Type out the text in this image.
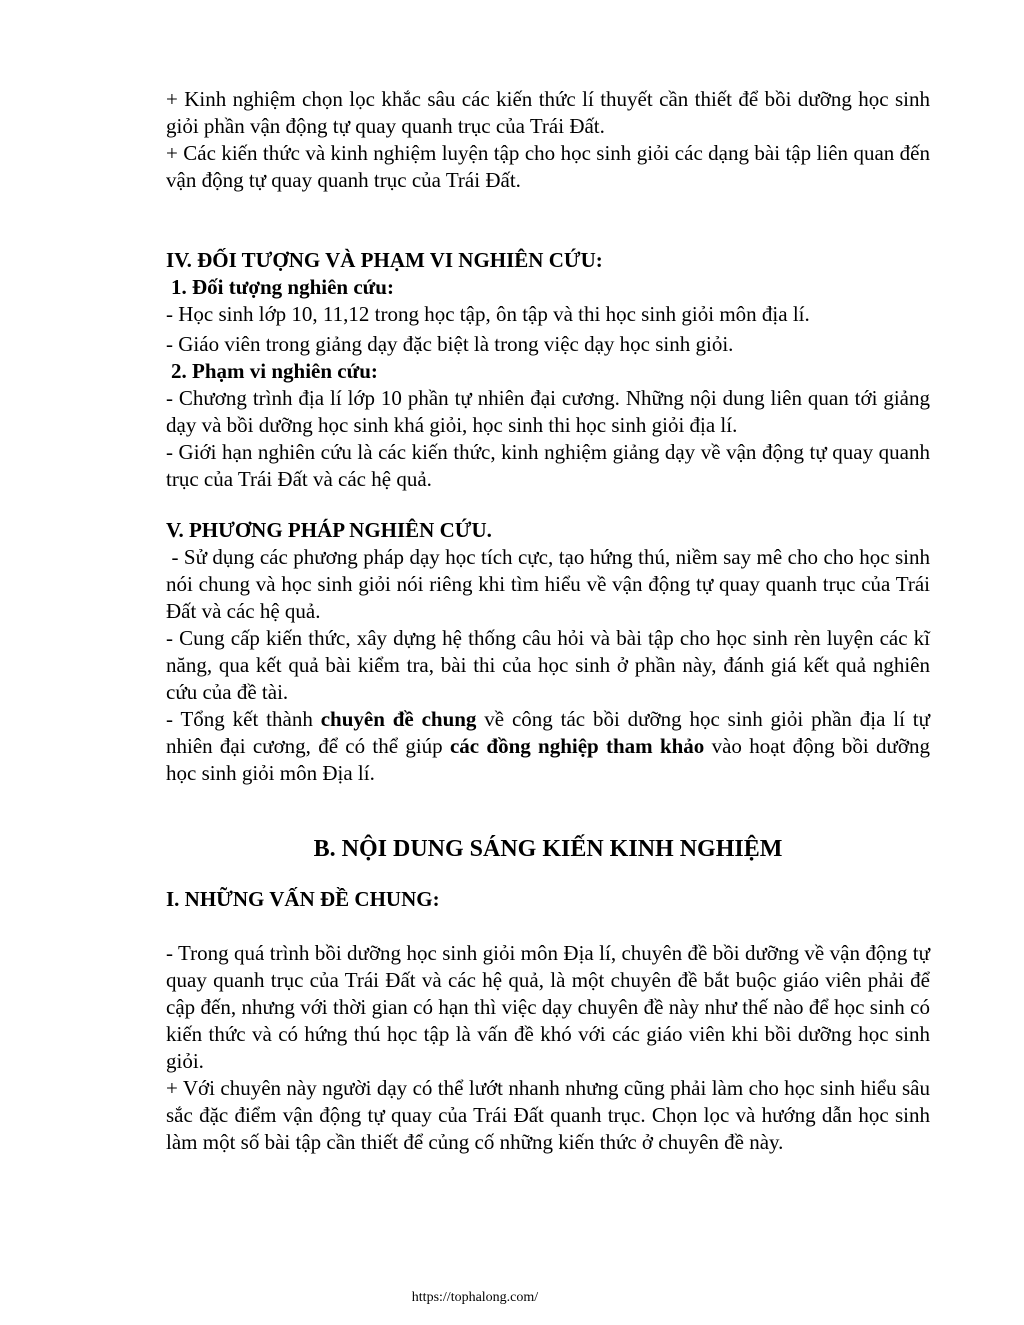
+ Kinh nghiệm chọn lọc khắc sâu các kiến thức lí thuyết cần thiết để bồi dưỡng học sinh giỏi phần vận động tự quay quanh trục của Trái Đất.

+ Các kiến thức và kinh nghiệm luyện tập cho học sinh giỏi các dạng bài tập liên quan đến vận động tự quay quanh trục của Trái Đất.

IV. ĐỐI TƯỢNG VÀ PHẠM VI NGHIÊN CỨU:
1. Đối tượng nghiên cứu:

- Học sinh lớp 10, 11,12 trong học tập, ôn tập và thi học sinh giỏi môn địa lí.

- Giáo viên trong giảng dạy đặc biệt là trong việc dạy học sinh giỏi.

2. Phạm vi nghiên cứu:

- Chương trình địa lí lớp 10 phần tự nhiên đại cương. Những nội dung liên quan tới giảng dạy và bồi dưỡng học sinh khá giỏi, học sinh thi học sinh giỏi địa lí.

- Giới hạn nghiên cứu là các kiến thức, kinh nghiệm giảng dạy về vận động tự quay quanh trục của Trái Đất và các hệ quả.

V. PHƯƠNG PHÁP NGHIÊN CỨU.

- Sử dụng các phương pháp dạy học tích cực, tạo hứng thú, niềm say mê cho cho học sinh nói chung và học sinh giỏi nói riêng khi tìm hiểu về vận động tự quay quanh trục của Trái Đất và các hệ quả.

- Cung cấp kiến thức, xây dựng hệ thống câu hỏi và bài tập cho học sinh rèn luyện các kĩ năng, qua kết quả bài kiểm tra, bài thi của học sinh ở phần này, đánh giá kết quả nghiên cứu của đề tài.

- Tổng kết thành chuyên đề chung về công tác bồi dưỡng học sinh giỏi phần địa lí tự nhiên đại cương, để có thể giúp các đồng nghiệp tham khảo vào hoạt động bồi dưỡng học sinh giỏi môn Địa lí.

B. NỘI DUNG SÁNG KIẾN KINH NGHIỆM
I. NHỮNG VẤN ĐỀ CHUNG:

- Trong quá trình bồi dưỡng học sinh giỏi môn Địa lí, chuyên đề bồi dưỡng về vận động tự quay quanh trục của Trái Đất và các hệ quả, là một chuyên đề bắt buộc giáo viên phải để cập đến, nhưng với thời gian có hạn thì việc dạy chuyên đề này như thế nào để học sinh có kiến thức và có hứng thú học tập là vấn đề khó với các giáo viên khi bồi dưỡng học sinh giỏi.

+ Với chuyên này người dạy có thể lướt nhanh nhưng cũng phải làm cho học sinh hiểu sâu sắc đặc điểm vận động tự quay của Trái Đất quanh trục. Chọn lọc và hướng dẫn học sinh làm một số bài tập cần thiết để củng cố những kiến thức ở chuyên đề này.

https://tophalong.com/
